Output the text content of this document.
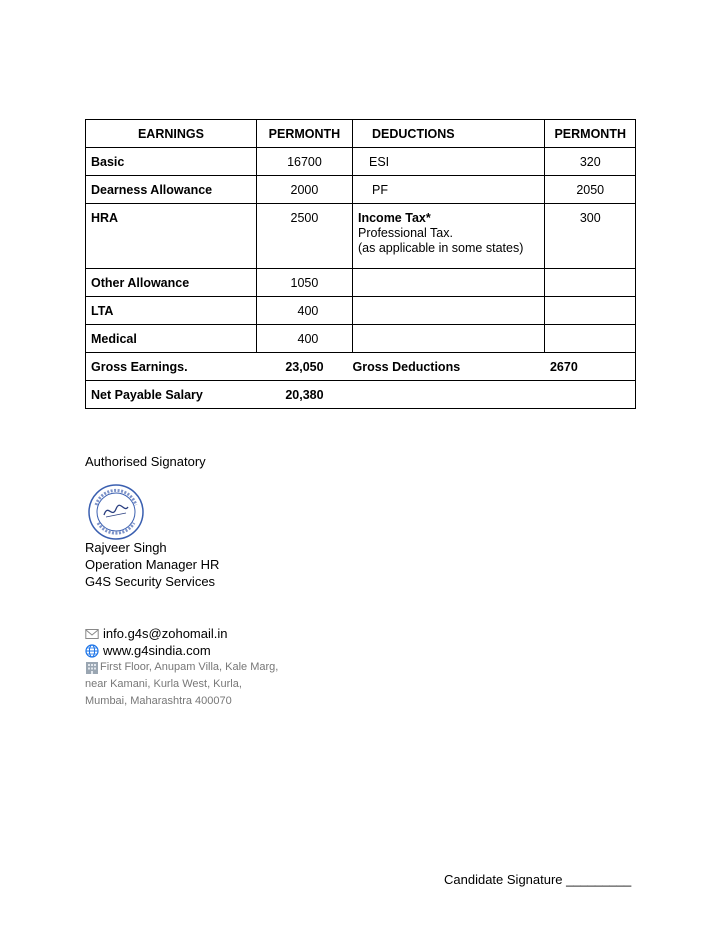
EARNINGS	PERMONTH	DEDUCTIONS	PERMONTH
Basic	16700	ESI	320
Dearness Allowance	2000	PF	2050
HRA	2500	Income Tax*
Professional Tax.
(as applicable in some states)	300
Other Allowance	1050		
LTA	400		
Medical	400		
Gross Earnings.	23,050	Gross Deductions	2670
Net Payable Salary	20,380		
Authorised Signatory
Rajveer Singh
Operation Manager HR
G4S Security Services
info.g4s@zohomail.in
www.g4sindia.com
First Floor, Anupam Villa, Kale Marg,
near Kamani, Kurla West, Kurla,
Mumbai, Maharashtra 400070
Candidate Signature _________
